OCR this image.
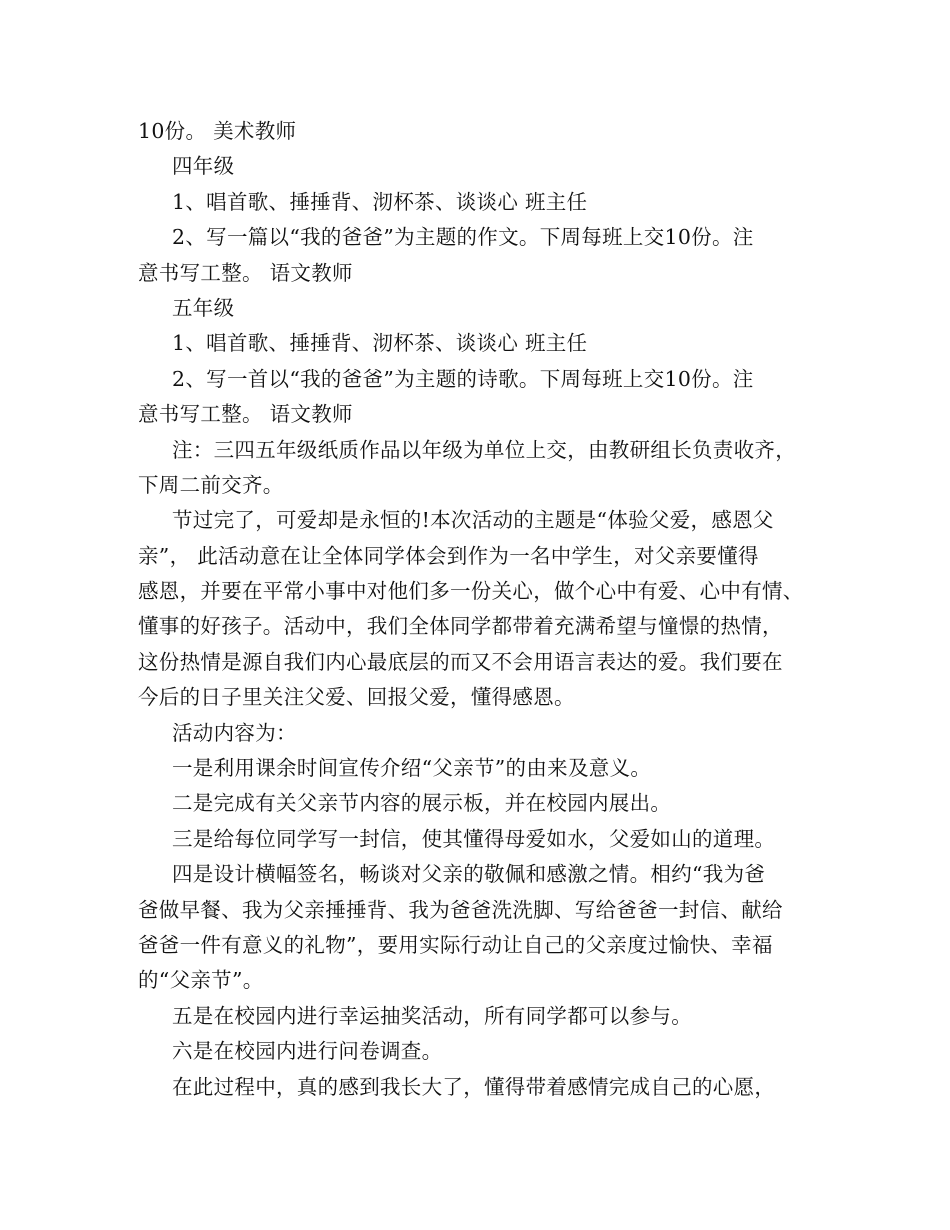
10份。 美术教师
四年级
1、唱首歌、捶捶背、沏杯茶、谈谈心 班主任
2、写一篇以“我的爸爸”为主题的作文。下周每班上交10份。注
意书写工整。 语文教师
五年级
1、唱首歌、捶捶背、沏杯茶、谈谈心 班主任
2、写一首以“我的爸爸”为主题的诗歌。下周每班上交10份。注
意书写工整。 语文教师
注：三四五年级纸质作品以年级为单位上交，由教研组长负责收齐，
下周二前交齐。
节过完了，可爱却是永恒的!本次活动的主题是“体验父爱，感恩父
亲”， 此活动意在让全体同学体会到作为一名中学生，对父亲要懂得
感恩，并要在平常小事中对他们多一份关心，做个心中有爱、心中有情、
懂事的好孩子。活动中，我们全体同学都带着充满希望与憧憬的热情，
这份热情是源自我们内心最底层的而又不会用语言表达的爱。我们要在
今后的日子里关注父爱、回报父爱，懂得感恩。
活动内容为：
一是利用课余时间宣传介绍“父亲节”的由来及意义。
二是完成有关父亲节内容的展示板，并在校园内展出。
三是给每位同学写一封信，使其懂得母爱如水，父爱如山的道理。
四是设计横幅签名，畅谈对父亲的敬佩和感激之情。相约“我为爸
爸做早餐、我为父亲捶捶背、我为爸爸洗洗脚、写给爸爸一封信、献给
爸爸一件有意义的礼物”，要用实际行动让自己的父亲度过愉快、幸福
的“父亲节”。
五是在校园内进行幸运抽奖活动，所有同学都可以参与。
六是在校园内进行问卷调查。
在此过程中，真的感到我长大了，懂得带着感情完成自己的心愿，
